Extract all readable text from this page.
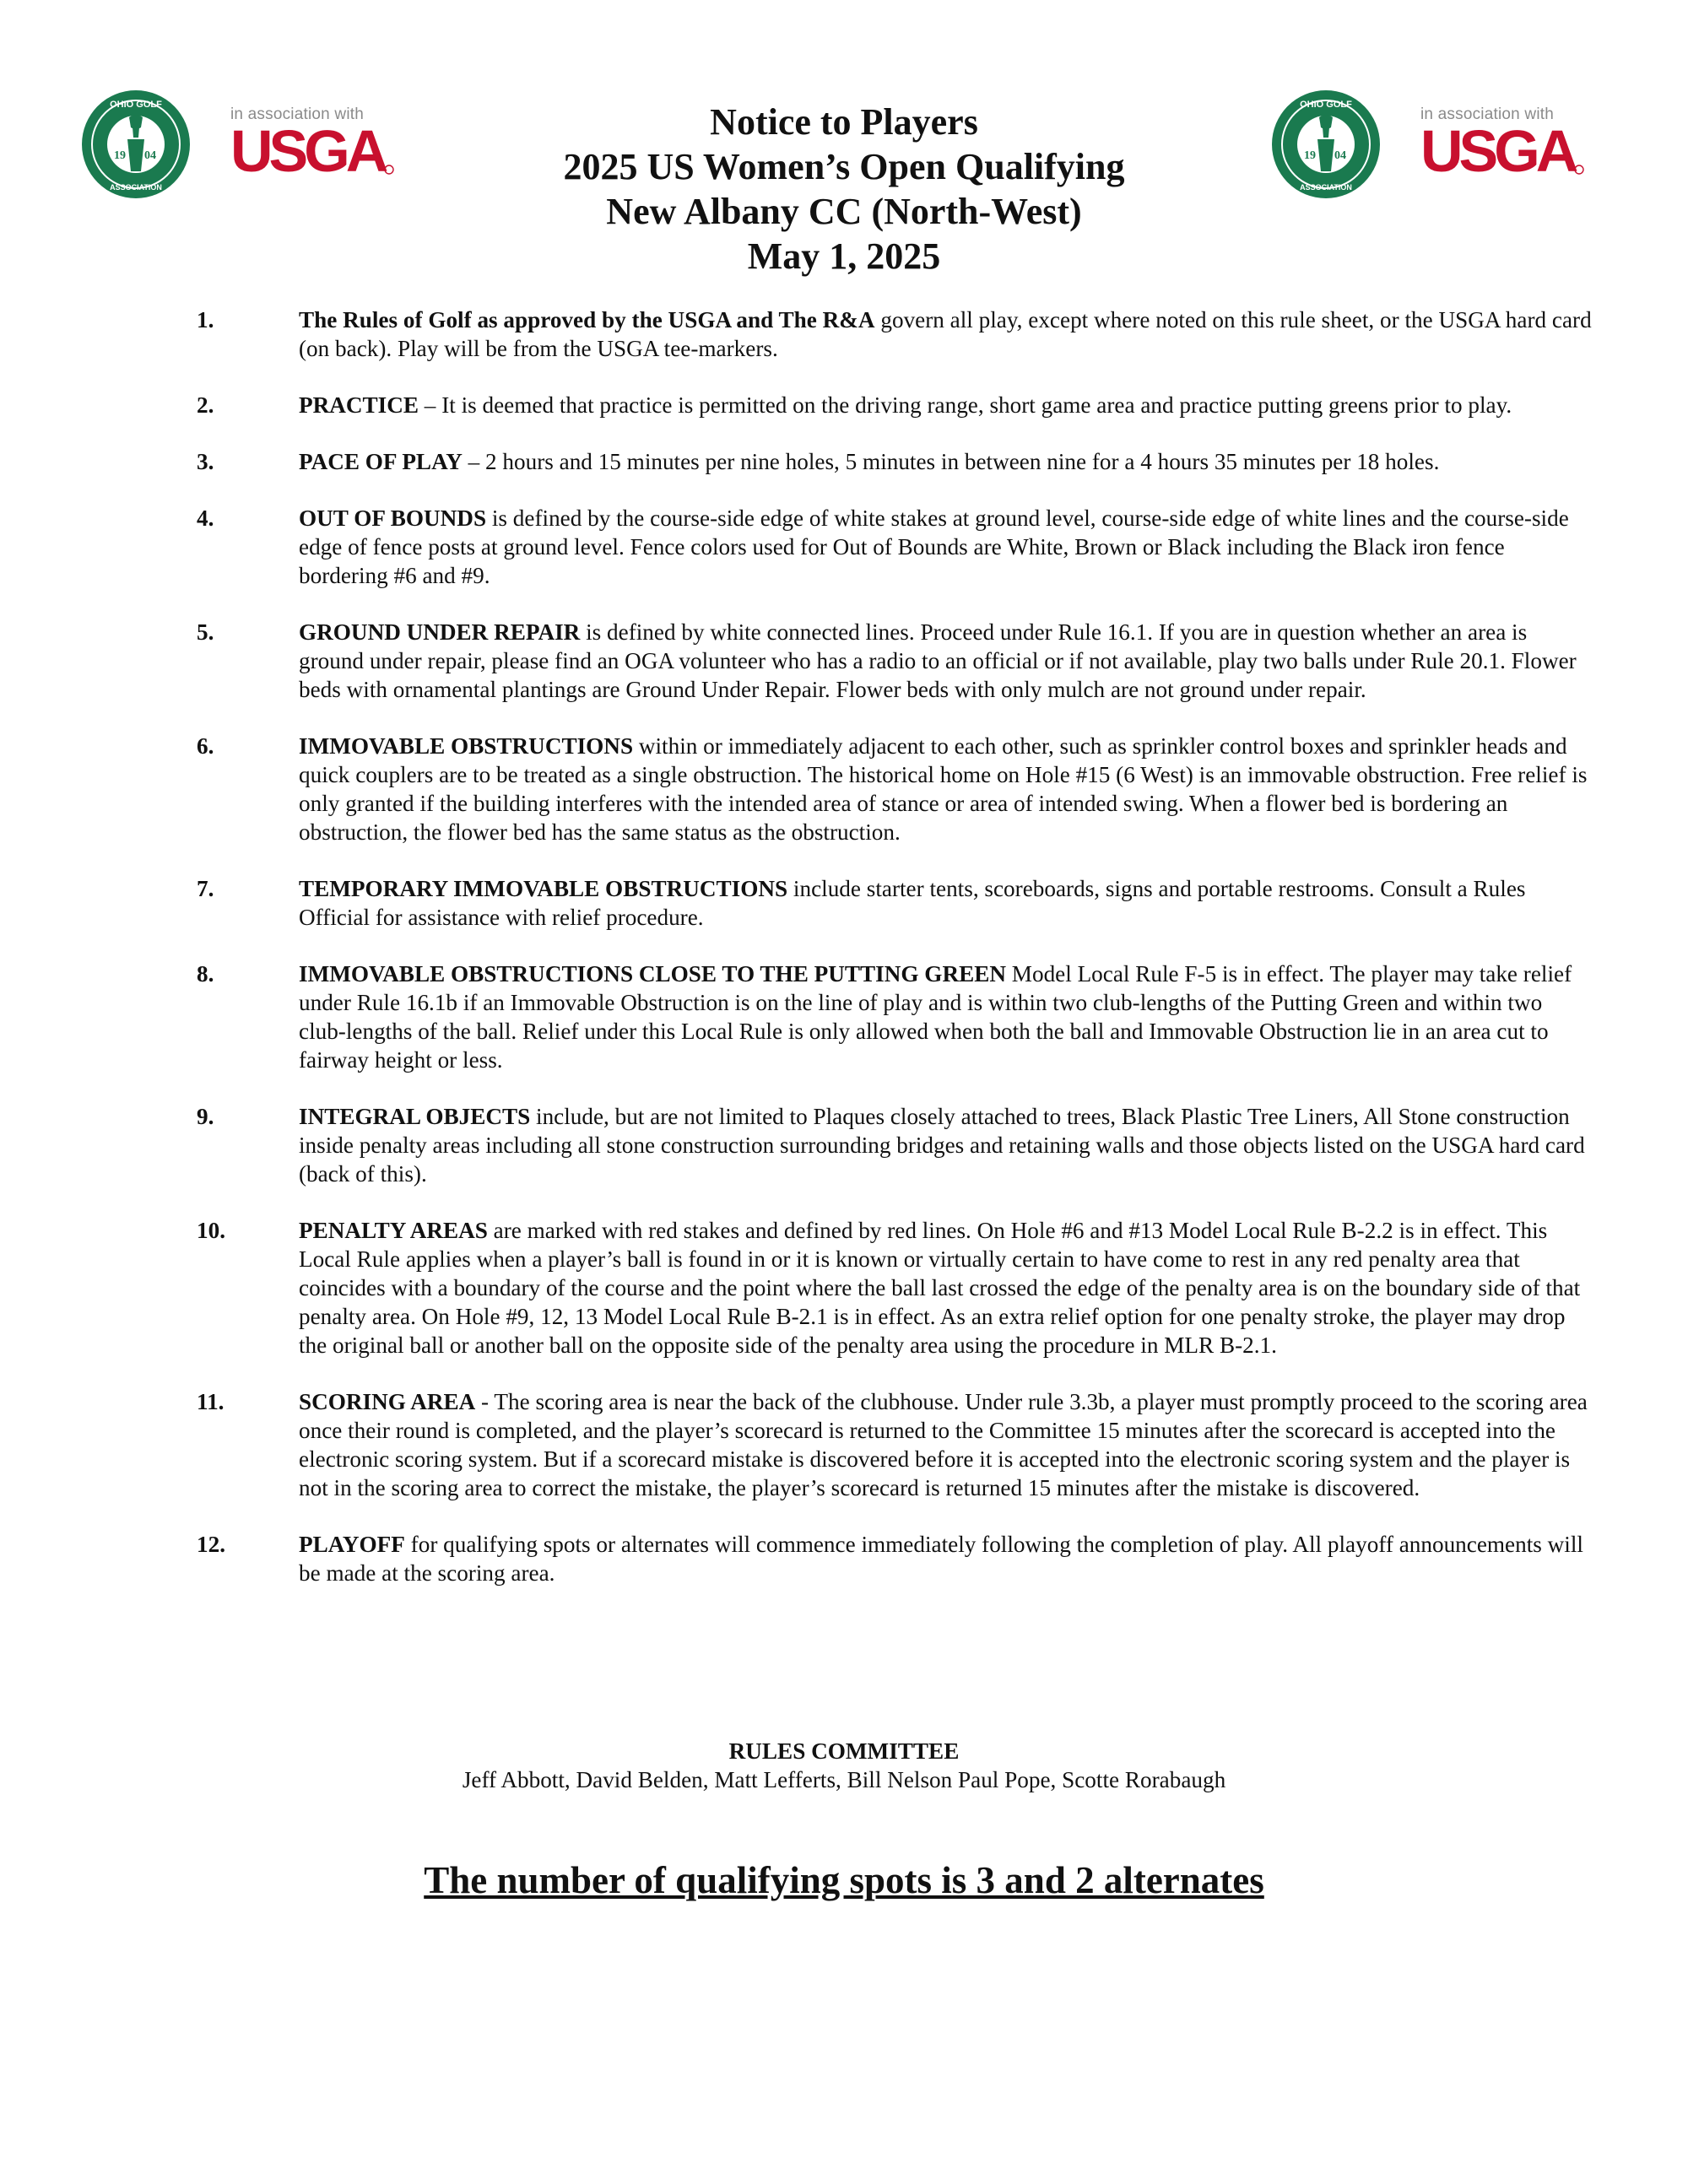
19 04
OHIO GOLF
ASSOCIATION
in association with
USGA	19 04
OHIO GOLF
ASSOCIATION
in association with
USGA
Notice to Players
2025 US Women’s Open Qualifying
New Albany CC (North-West)
May 1, 2025
1.	The Rules of Golf as approved by the USGA and The R&A govern all play, except where noted on this rule sheet, or the USGA hard card (on back). Play will be from the USGA tee-markers.
2.	PRACTICE – It is deemed that practice is permitted on the driving range, short game area and practice putting greens prior to play.
3.	PACE OF PLAY – 2 hours and 15 minutes per nine holes, 5 minutes in between nine for a 4 hours 35 minutes per 18 holes.
4.	OUT OF BOUNDS is defined by the course-side edge of white stakes at ground level, course-side edge of white lines and the course-side edge of fence posts at ground level. Fence colors used for Out of Bounds are White, Brown or Black including the Black iron fence bordering #6 and #9.
5.	GROUND UNDER REPAIR is defined by white connected lines. Proceed under Rule 16.1. If you are in question whether an area is ground under repair, please find an OGA volunteer who has a radio to an official or if not available, play two balls under Rule 20.1. Flower beds with ornamental plantings are Ground Under Repair. Flower beds with only mulch are not ground under repair.
6.	IMMOVABLE OBSTRUCTIONS within or immediately adjacent to each other, such as sprinkler control boxes and sprinkler heads and quick couplers are to be treated as a single obstruction. The historical home on Hole #15 (6 West) is an immovable obstruction. Free relief is only granted if the building interferes with the intended area of stance or area of intended swing. When a flower bed is bordering an obstruction, the flower bed has the same status as the obstruction.
7.	TEMPORARY IMMOVABLE OBSTRUCTIONS include starter tents, scoreboards, signs and portable restrooms. Consult a Rules Official for assistance with relief procedure.
8.	IMMOVABLE OBSTRUCTIONS CLOSE TO THE PUTTING GREEN Model Local Rule F-5 is in effect. The player may take relief under Rule 16.1b if an Immovable Obstruction is on the line of play and is within two club-lengths of the Putting Green and within two club-lengths of the ball. Relief under this Local Rule is only allowed when both the ball and Immovable Obstruction lie in an area cut to fairway height or less.
9.	INTEGRAL OBJECTS include, but are not limited to Plaques closely attached to trees, Black Plastic Tree Liners, All Stone construction inside penalty areas including all stone construction surrounding bridges and retaining walls and those objects listed on the USGA hard card (back of this).
10.	PENALTY AREAS are marked with red stakes and defined by red lines. On Hole #6 and #13 Model Local Rule B-2.2 is in effect. This Local Rule applies when a player’s ball is found in or it is known or virtually certain to have come to rest in any red penalty area that coincides with a boundary of the course and the point where the ball last crossed the edge of the penalty area is on the boundary side of that penalty area. On Hole #9, 12, 13 Model Local Rule B-2.1 is in effect. As an extra relief option for one penalty stroke, the player may drop the original ball or another ball on the opposite side of the penalty area using the procedure in MLR B-2.1.
11.	SCORING AREA - The scoring area is near the back of the clubhouse. Under rule 3.3b, a player must promptly proceed to the scoring area once their round is completed, and the player’s scorecard is returned to the Committee 15 minutes after the scorecard is accepted into the electronic scoring system. But if a scorecard mistake is discovered before it is accepted into the electronic scoring system and the player is not in the scoring area to correct the mistake, the player’s scorecard is returned 15 minutes after the mistake is discovered.
12.	PLAYOFF for qualifying spots or alternates will commence immediately following the completion of play. All playoff announcements will be made at the scoring area.
RULES COMMITTEE
Jeff Abbott, David Belden, Matt Lefferts, Bill Nelson Paul Pope, Scotte Rorabaugh
The number of qualifying spots is 3 and 2 alternates
